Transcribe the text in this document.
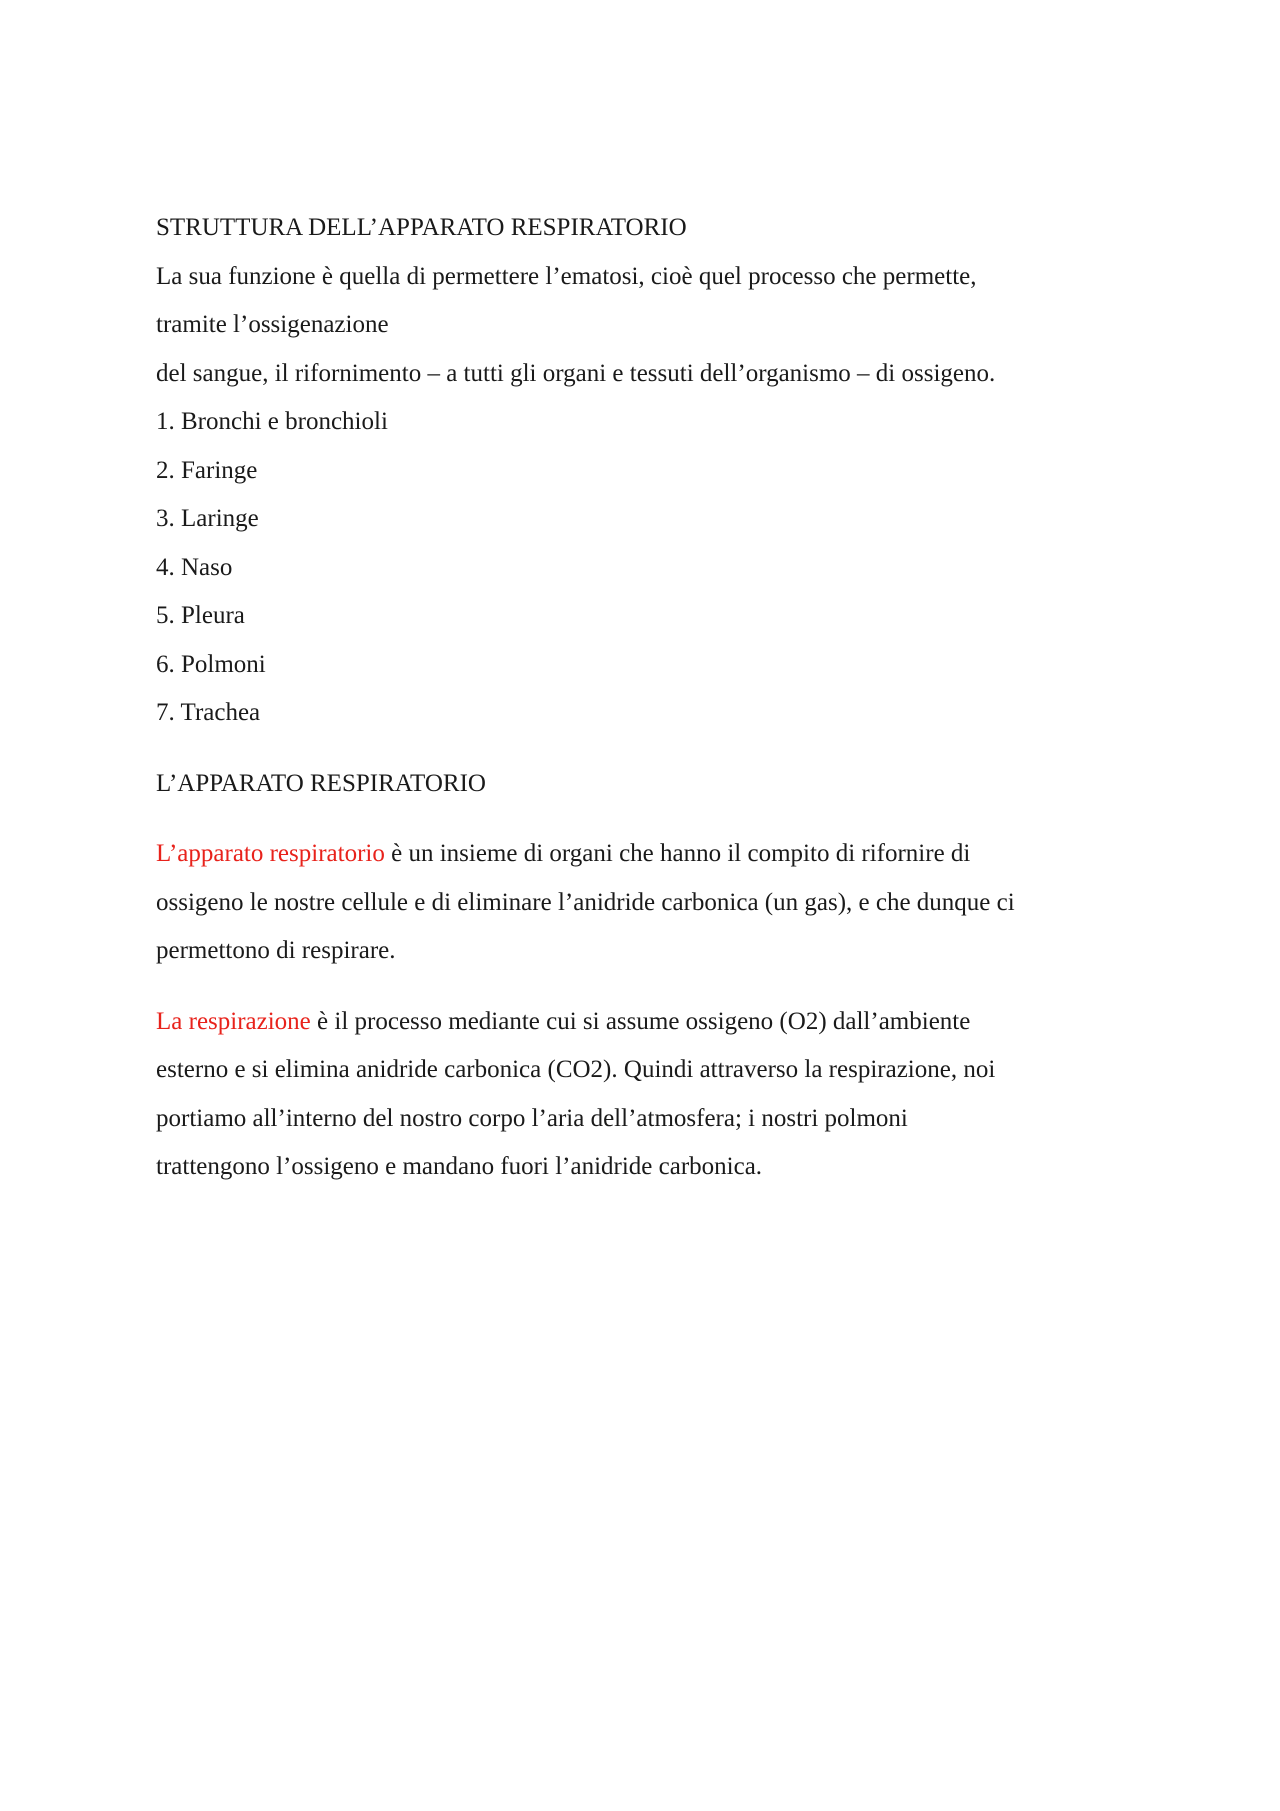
STRUTTURA DELL’APPARATO RESPIRATORIO

La sua funzione è quella di permettere l’ematosi, cioè quel processo che permette,

tramite l’ossigenazione

del sangue, il rifornimento – a tutti gli organi e tessuti dell’organismo – di ossigeno.

1. Bronchi e bronchioli
2. Faringe
3. Laringe
4. Naso
5. Pleura
6. Polmoni
7. Trachea
L’APPARATO RESPIRATORIO
L’apparato respiratorio è un insieme di organi che hanno il compito di rifornire di
ossigeno le nostre cellule e di eliminare l’anidride carbonica (un gas), e che dunque ci
permettono di respirare.
La respirazione è il processo mediante cui si assume ossigeno (O2) dall’ambiente
esterno e si elimina anidride carbonica (CO2). Quindi attraverso la respirazione, noi
portiamo all’interno del nostro corpo l’aria dell’atmosfera; i nostri polmoni
trattengono l’ossigeno e mandano fuori l’anidride carbonica.
